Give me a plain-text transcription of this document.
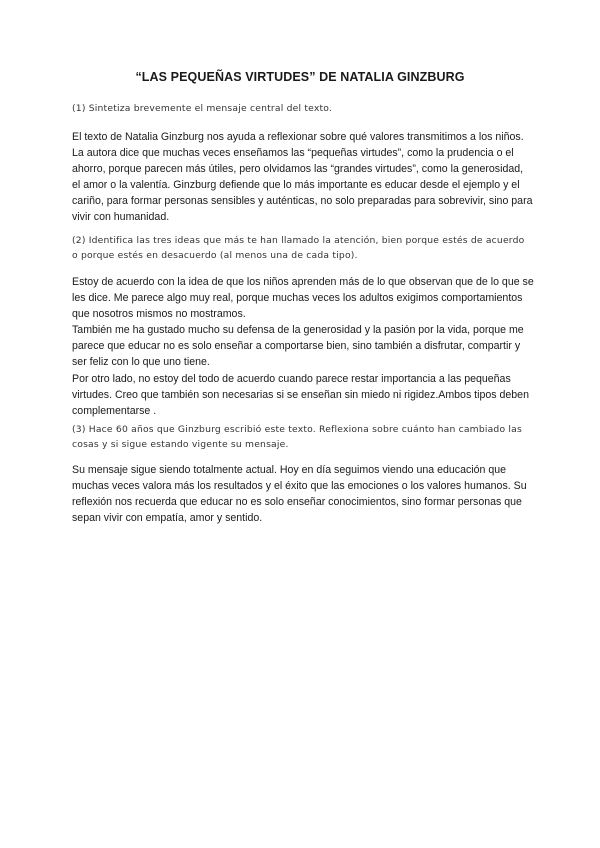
“LAS PEQUEÑAS VIRTUDES” DE NATALIA GINZBURG
(1) Sintetiza brevemente el mensaje central del texto.

El texto de Natalia Ginzburg nos ayuda a reflexionar sobre qué valores transmitimos a los niños. La autora dice que muchas veces enseñamos las “pequeñas virtudes”, como la prudencia o el ahorro, porque parecen más útiles, pero olvidamos las “grandes virtudes”, como la generosidad, el amor o la valentía. Ginzburg defiende que lo más importante es educar desde el ejemplo y el cariño, para formar personas sensibles y auténticas, no solo preparadas para sobrevivir, sino para vivir con humanidad.

(2) Identifica las tres ideas que más te han llamado la atención, bien porque estés de acuerdo o porque estés en desacuerdo (al menos una de cada tipo).

Estoy de acuerdo con la idea de que los niños aprenden más de lo que observan que de lo que se les dice. Me parece algo muy real, porque muchas veces los adultos exigimos comportamientos que nosotros mismos no mostramos.

También me ha gustado mucho su defensa de la generosidad y la pasión por la vida, porque me parece que educar no es solo enseñar a comportarse bien, sino también a disfrutar, compartir y ser feliz con lo que uno tiene.

Por otro lado, no estoy del todo de acuerdo cuando parece restar importancia a las pequeñas virtudes. Creo que también son necesarias si se enseñan sin miedo ni rigidez.Ambos tipos deben complementarse .

(3) Hace 60 años que Ginzburg escribió este texto. Reflexiona sobre cuánto han cambiado las cosas y si sigue estando vigente su mensaje.

Su mensaje sigue siendo totalmente actual. Hoy en día seguimos viendo una educación que muchas veces valora más los resultados y el éxito que las emociones o los valores humanos. Su reflexión nos recuerda que educar no es solo enseñar conocimientos, sino formar personas que sepan vivir con empatía, amor y sentido.
